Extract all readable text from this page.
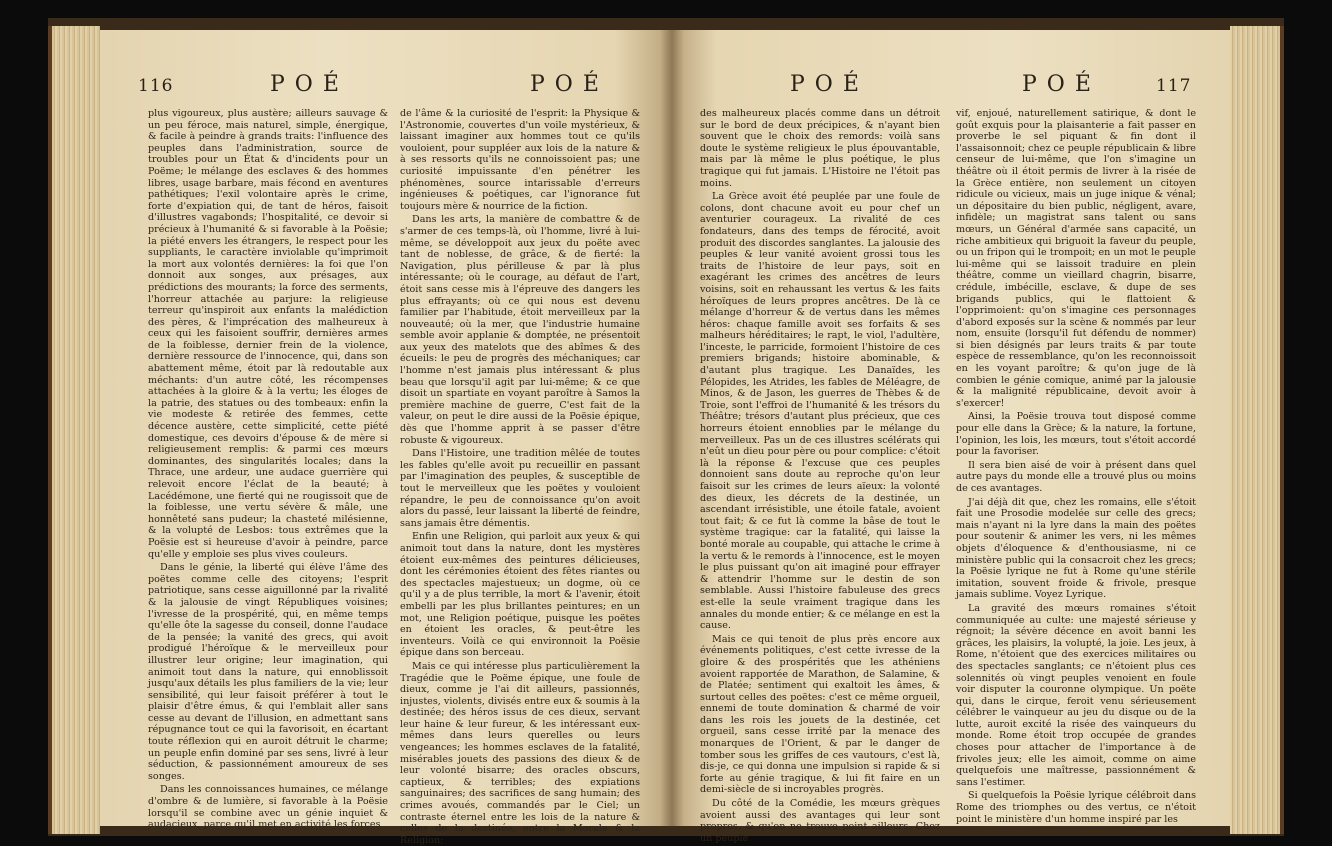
116	POÉ	POÉ

plus vigoureux, plus austère; ailleurs sauvage & un peu féroce, mais naturel, simple, énergique, & facile à peindre à grands traits: l'influence des peuples dans l'administration, source de troubles pour un État & d'incidents pour un Poëme; le mélange des esclaves & des hommes libres, usage barbare, mais fécond en aventures pathétiques; l'exil volontaire après le crime, forte d'expiation qui, de tant de héros, faisoit d'illustres vagabonds; l'hospitalité, ce devoir si précieux à l'humanité & si favorable à la Poësie; la piété envers les étrangers, le respect pour les suppliants, le caractère inviolable qu'imprimoit la mort aux volontés dernières: la foi que l'on donnoit aux songes, aux présages, aux prédictions des mourants; la force des serments, l'horreur attachée au parjure: la religieuse terreur qu'inspiroit aux enfants la malédiction des pères, & l'imprécation des malheureux à ceux qui les faisoient souffrir, dernières armes de la foiblesse, dernier frein de la violence, dernière ressource de l'innocence, qui, dans son abattement même, étoit par là redoutable aux méchants: d'un autre côté, les récompenses attachées à la gloire & à la vertu; les éloges de la patrie, des statues ou des tombeaux: enfin la vie modeste & retirée des femmes, cette décence austère, cette simplicité, cette piété domestique, ces devoirs d'épouse & de mère si religieusement remplis: & parmi ces mœurs dominantes, des singularités locales; dans la Thrace, une ardeur, une audace guerrière qui relevoit encore l'éclat de la beauté; à Lacédémone, une fierté qui ne rougissoit que de la foiblesse, une vertu sévère & mâle, une honnêteté sans pudeur; la chasteté milésienne, & la volupté de Lesbos: tous extrêmes que la Poësie est si heureuse d'avoir à peindre, parce qu'elle y emploie ses plus vives couleurs.

Dans le génie, la liberté qui élève l'âme des poëtes comme celle des citoyens; l'esprit patriotique, sans cesse aiguillonné par la rivalité & la jalousie de vingt Républiques voisines; l'ivresse de la prospérité, qui, en même temps qu'elle ôte la sagesse du conseil, donne l'audace de la pensée; la vanité des grecs, qui avoit prodigué l'héroïque & le merveilleux pour illustrer leur origine; leur imagination, qui animoit tout dans la nature, qui ennoblissoit jusqu'aux détails les plus familiers de la vie; leur sensibilité, qui leur faisoit préférer à tout le plaisir d'être émus, & qui l'emblait aller sans cesse au devant de l'illusion, en admettant sans répugnance tout ce qui la favorisoit, en écartant toute réflexion qui en auroit détruit le charme; un peuple enfin dominé par ses sens, livré à leur séduction, & passionnément amoureux de ses songes.

Dans les connoissances humaines, ce mélange d'ombre & de lumière, si favorable à la Poësie lorsqu'il se combine avec un génie inquiet & audacieux, parce qu'il met en activité les forces

de l'âme & la curiosité de l'esprit: la Physique & l'Astronomie, couvertes d'un voile mystérieux, & laissant imaginer aux hommes tout ce qu'ils vouloient, pour suppléer aux lois de la nature & à ses ressorts qu'ils ne connoissoient pas; une curiosité impuissante d'en pénétrer les phénomènes, source intarissable d'erreurs ingénieuses & poétiques, car l'ignorance fut toujours mère & nourrice de la fiction.

Dans les arts, la manière de combattre & de s'armer de ces temps-là, où l'homme, livré à lui-même, se développoit aux jeux du poëte avec tant de noblesse, de grâce, & de fierté: la Navigation, plus périlleuse & par là plus intéressante; où le courage, au défaut de l'art, étoit sans cesse mis à l'épreuve des dangers les plus effrayants; où ce qui nous est devenu familier par l'habitude, étoit merveilleux par la nouveauté; où la mer, que l'industrie humaine semble avoir applanie & domptée, ne présentoit aux yeux des matelots que des abîmes & des écueils: le peu de progrès des méchaniques; car l'homme n'est jamais plus intéressant & plus beau que lorsqu'il agit par lui-même; & ce que disoit un spartiate en voyant paroître à Samos la première machine de guerre, C'est fait de la valeur, on peut le dire aussi de la Poësie épique, dès que l'homme apprit à se passer d'être robuste & vigoureux.

Dans l'Histoire, une tradition mêlée de toutes les fables qu'elle avoit pu recueillir en passant par l'imagination des peuples, & susceptible de tout le merveilleux que les poëtes y vouloient répandre, le peu de connoissance qu'on avoit alors du passé, leur laissant la liberté de feindre, sans jamais être démentis.

Enfin une Religion, qui parloit aux yeux & qui animoit tout dans la nature, dont les mystères étoient eux-mêmes des peintures délicieuses, dont les cérémonies étoient des fêtes riantes ou des spectacles majestueux; un dogme, où ce qu'il y a de plus terrible, la mort & l'avenir, étoit embelli par les plus brillantes peintures; en un mot, une Religion poétique, puisque les poëtes en étoient les oracles, & peut-être les inventeurs. Voilà ce qui environnoit la Poësie épique dans son berceau.

Mais ce qui intéresse plus particulièrement la Tragédie que le Poëme épique, une foule de dieux, comme je l'ai dit ailleurs, passionnés, injustes, violents, divisés entre eux & soumis à la destinée; des héros issus de ces dieux, servant leur haine & leur fureur, & les intéressant eux-mêmes dans leurs querelles ou leurs vengeances; les hommes esclaves de la fatalité, misérables jouets des passions des dieux & de leur volonté bisarre; des oracles obscurs, captieux, & terribles; des expiations sanguinaires; des sacrifices de sang humain; des crimes avoués, commandés par le Ciel; un contraste éternel entre les lois de la nature & celles de la destinée, entre la Morale & la Religion;

POÉ	POÉ	117

des malheureux placés comme dans un détroit sur le bord de deux précipices, & n'ayant bien souvent que le choix des remords: voilà sans doute le système religieux le plus épouvantable, mais par là même le plus poétique, le plus tragique qui fut jamais. L'Histoire ne l'étoit pas moins.

La Grèce avoit été peuplée par une foule de colons, dont chacune avoit eu pour chef un aventurier courageux. La rivalité de ces fondateurs, dans des temps de férocité, avoit produit des discordes sanglantes. La jalousie des peuples & leur vanité avoient grossi tous les traits de l'histoire de leur pays, soit en exagérant les crimes des ancêtres de leurs voisins, soit en rehaussant les vertus & les faits héroïques de leurs propres ancêtres. De là ce mélange d'horreur & de vertus dans les mêmes héros: chaque famille avoit ses forfaits & ses malheurs héréditaires; le rapt, le viol, l'adultère, l'inceste, le parricide, formoient l'histoire de ces premiers brigands; histoire abominable, & d'autant plus tragique. Les Danaïdes, les Pélopides, les Atrides, les fables de Méléagre, de Minos, & de Jason, les guerres de Thèbes & de Troie, sont l'effroi de l'humanité & les trésors du Théâtre; trésors d'autant plus précieux, que ces horreurs étoient ennoblies par le mélange du merveilleux. Pas un de ces illustres scélérats qui n'eût un dieu pour père ou pour complice: c'étoit là la réponse & l'excuse que ces peuples donnoient sans doute au reproche qu'on leur faisoit sur les crimes de leurs aïeux: la volonté des dieux, les décrets de la destinée, un ascendant irrésistible, une étoile fatale, avoient tout fait; & ce fut là comme la bâse de tout le système tragique: car la fatalité, qui laisse la bonté morale au coupable, qui attache le crime à la vertu & le remords à l'innocence, est le moyen le plus puissant qu'on ait imaginé pour effrayer & attendrir l'homme sur le destin de son semblable. Aussi l'histoire fabuleuse des grecs est-elle la seule vraiment tragique dans les annales du monde entier; & ce mélange en est la cause.

Mais ce qui tenoit de plus près encore aux événements politiques, c'est cette ivresse de la gloire & des prospérités que les athéniens avoient rapportée de Marathon, de Salamine, & de Platée; sentiment qui exaltoit les âmes, & surtout celles des poëtes: c'est ce même orgueil, ennemi de toute domination & charmé de voir dans les rois les jouets de la destinée, cet orgueil, sans cesse irrité par la menace des monarques de l'Orient, & par le danger de tomber sous les griffes de ces vautours, c'est là, dis-je, ce qui donna une impulsion si rapide & si forte au génie tragique, & lui fit faire en un demi-siècle de si incroyables progrès.

Du côté de la Comédie, les mœurs grèques avoient aussi des avantages qui leur sont propres, & qu'on ne trouve point ailleurs. Chez un peuple

vif, enjoué, naturellement satirique, & dont le goût exquis pour la plaisanterie a fait passer en proverbe le sel piquant & fin dont il l'assaisonnoit; chez ce peuple républicain & libre censeur de lui-même, que l'on s'imagine un théâtre où il étoit permis de livrer à la risée de la Grèce entière, non seulement un citoyen ridicule ou vicieux, mais un juge inique & vénal; un dépositaire du bien public, négligent, avare, infidèle; un magistrat sans talent ou sans mœurs, un Général d'armée sans capacité, un riche ambitieux qui briguoit la faveur du peuple, ou un fripon qui le trompoit; en un mot le peuple lui-même qui se laissoit traduire en plein théâtre, comme un vieillard chagrin, bisarre, crédule, imbécille, esclave, & dupe de ses brigands publics, qui le flattoient & l'opprimoient: qu'on s'imagine ces personnages d'abord exposés sur la scène & nommés par leur nom, ensuite (lorsqu'il fut défendu de nommer) si bien désignés par leurs traits & par toute espèce de ressemblance, qu'on les reconnoissoit en les voyant paroître; & qu'on juge de là combien le génie comique, animé par la jalousie & la malignité républicaine, devoit avoir à s'exercer!

Ainsi, la Poësie trouva tout disposé comme pour elle dans la Grèce; & la nature, la fortune, l'opinion, les lois, les mœurs, tout s'étoit accordé pour la favoriser.

Il sera bien aisé de voir à présent dans quel autre pays du monde elle a trouvé plus ou moins de ces avantages.

J'ai déjà dit que, chez les romains, elle s'étoit fait une Prosodie modelée sur celle des grecs; mais n'ayant ni la lyre dans la main des poëtes pour soutenir & animer les vers, ni les mêmes objets d'éloquence & d'enthousiasme, ni ce ministère public qui la consacroit chez les grecs; la Poësie lyrique ne fut à Rome qu'une stérile imitation, souvent froide & frivole, presque jamais sublime. Voyez Lyrique.

La gravité des mœurs romaines s'étoit communiquée au culte: une majesté sérieuse y régnoit; la sévère décence en avoit banni les grâces, les plaisirs, la volupté, la joie. Les jeux, à Rome, n'étoient que des exercices militaires ou des spectacles sanglants; ce n'étoient plus ces solennités où vingt peuples venoient en foule voir disputer la couronne olympique. Un poëte qui, dans le cirque, feroit venu sérieusement célébrer le vainqueur au jeu du disque ou de la lutte, auroit excité la risée des vainqueurs du monde. Rome étoit trop occupée de grandes choses pour attacher de l'importance à de frivoles jeux; elle les aimoit, comme on aime quelquefois une maîtresse, passionnément & sans l'estimer.

Si quelquefois la Poësie lyrique célébroit dans Rome des triomphes ou des vertus, ce n'étoit point le ministère d'un homme inspiré par les
